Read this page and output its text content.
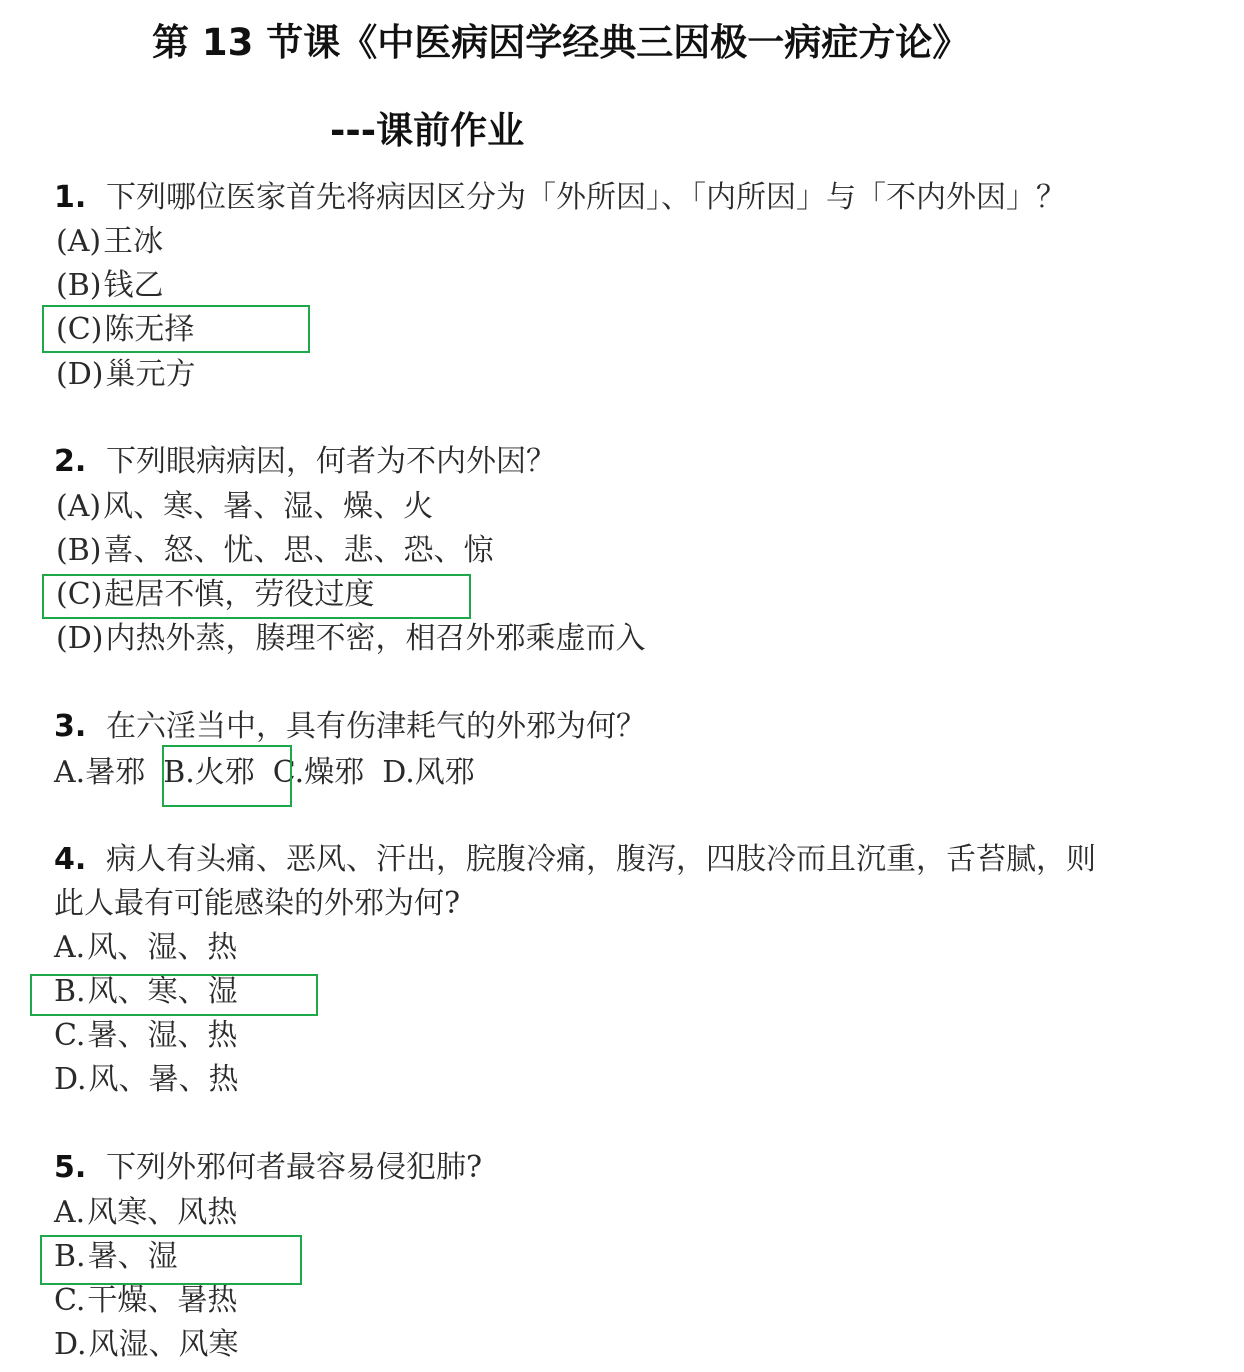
第 13 节课《中医病因学经典三因极一病症方论》
---课前作业
1. 下列哪位医家首先将病因区分为「外所因」、「内所因」与「不内外因」？
(A)王冰
(B)钱乙
(C)陈无择
(D)巢元方
2. 下列眼病病因，何者为不内外因？
(A)风、寒、暑、湿、燥、火
(B)喜、怒、忧、思、悲、恐、惊
(C)起居不慎，劳役过度
(D)内热外蒸，腠理不密，相召外邪乘虚而入
3. 在六淫当中，具有伤津耗气的外邪为何？
A.暑邪 B.火邪 C.燥邪 D.风邪
4. 病人有头痛、恶风、汗出，脘腹冷痛，腹泻，四肢冷而且沉重，舌苔腻，则
此人最有可能感染的外邪为何?
A.风、湿、热
B.风、寒、湿
C.暑、湿、热
D.风、暑、热
5. 下列外邪何者最容易侵犯肺?
A.风寒、风热
B.暑、湿
C.干燥、暑热
D.风湿、风寒
